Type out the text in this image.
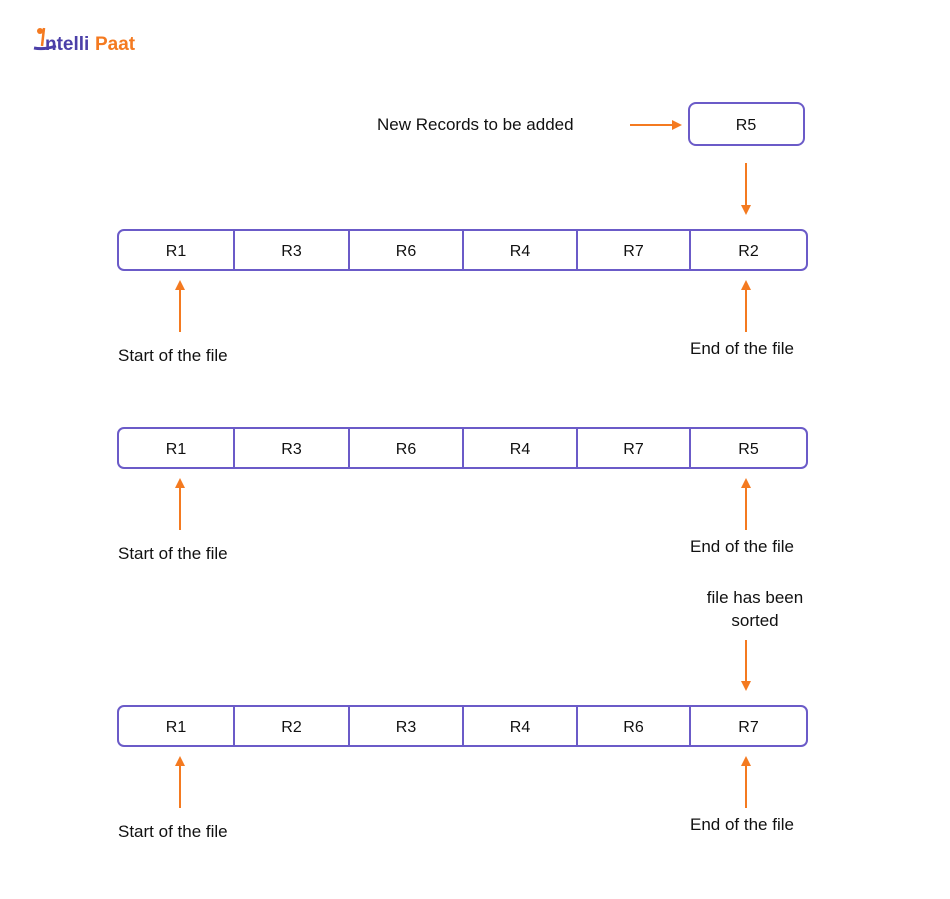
ntelli Paat
New Records to be added	R5
R1	R3	R6	R4	R7	R2
Start of the file	End of the file
R1	R3	R6	R4	R7	R5
Start of the file	End of the file
R1	R2	R3	R4	R6	R7
Start of the file	End of the file
file has been
sorted
